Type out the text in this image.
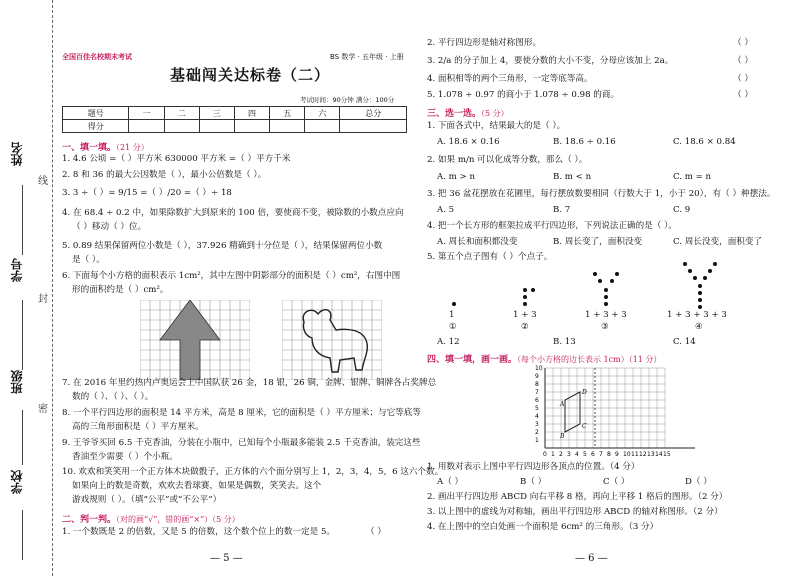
姓名
学号
班级
学校
线
封
密
全国百佳名校期末考试	BS 数学 · 五年级 · 上册
基础闯关达标卷（二）
考试时间：90分钟 满分：100分
题号	一	二	三	四	五	六	总分
得分							
一、填一填。（21 分）
1. 4.6 公顷 =（ ）平方米 630000 平方米 =（ ）平方千米
2. 8 和 36 的最大公因数是（ ），最小公倍数是（ ）。
3. 3 ÷（ ）= 9/15 =（ ）/20 =（ ）÷ 18
4. 在 68.4 ÷ 0.2 中，如果除数扩大到原来的 100 倍，要使商不变，被除数的小数点应向
（ ）移动（ ）位。
5. 0.89 结果保留两位小数是（ ），37.926 精确到十分位是（ ），结果保留两位小数
是（ ）。
6. 下面每个小方格的面积表示 1cm²，其中左图中阴影部分的面积是（ ）cm²，右图中图
形的面积约是（ ）cm²。
7. 在 2016 年里约热内卢奥运会上中国队获 26 金，18 银，26 铜，金牌、银牌、铜牌各占奖牌总
数的（ ）、（ ）、（ ）。
8. 一个平行四边形的面积是 14 平方米，高是 8 厘米，它的面积是（ ）平方厘米；与它等底等
高的三角形面积是（ ）平方厘米。
9. 王爷爷买回 6.5 千克香油，分装在小瓶中，已知每个小瓶最多能装 2.5 千克香油，装完这些
香油至少需要（ ）个小瓶。
10. 欢欢和笑笑用一个正方体木块做骰子，正方体的六个面分别写上 1，2，3，4，5，6 这六个数。
如果向上的数是奇数，欢欢去看球赛，如果是偶数，笑笑去。这个
游戏规则（ ）。（填“公平”或“不公平”）
二、判一判。（对的画“√”，错的画“×”）（5 分）
1. 一个数既是 2 的倍数，又是 5 的倍数，这个数个位上的数一定是 5。	（ ）
— 5 —
2. 平行四边形是轴对称图形。	（ ）
3. 2/a 的分子加上 4，要使分数的大小不变，分母应该加上 2a。	（ ）
4. 面积相等的两个三角形，一定等底等高。	（ ）
5. 1.078 ÷ 0.97 的商小于 1.078 ÷ 0.98 的商。	（ ）
三、选一选。（5 分）
1. 下面各式中，结果最大的是（ ）。
A. 18.6 × 0.16	B. 18.6 ÷ 0.16	C. 18.6 × 0.84
2. 如果 m/n 可以化成等分数，那么（ ）。
A. m > n	B. m < n	C. m = n
3. 把 36 盆花摆放在花圃里，每行摆放数要相同（行数大于 1，小于 20），有（ ）种摆法。
A. 5	B. 7	C. 9
4. 把一个长方形的框架拉成平行四边形，下列说法正确的是（ ）。
A. 周长和面积都没变	B. 周长变了，面积没变	C. 周长没变，面积变了
5. 第五个点子图有（ ）个点子。
1	1 + 3	1 + 3 + 3	1 + 3 + 3 + 3
①	②	③	④
A. 12	B. 13	C. 14
四、填一填，画一画。（每个小方格的边长表示 1cm）（11 分）
0 1 2 3 4 5 6 7 8 9 10 11 12 13 14 15
1
2
3
4
5
6
7
8
9
10
A
B
C
D
1. 用数对表示上图中平行四边形各顶点的位置。（4 分）
A（ ）	B（ ）	C（ ）	D（ ）
2. 画出平行四边形 ABCD 向右平移 8 格，再向上平移 1 格后的图形。（2 分）
3. 以上图中的虚线为对称轴，画出平行四边形 ABCD 的轴对称图形。（2 分）
4. 在上图中的空白处画一个面积是 6cm² 的三角形。（3 分）
— 6 —
